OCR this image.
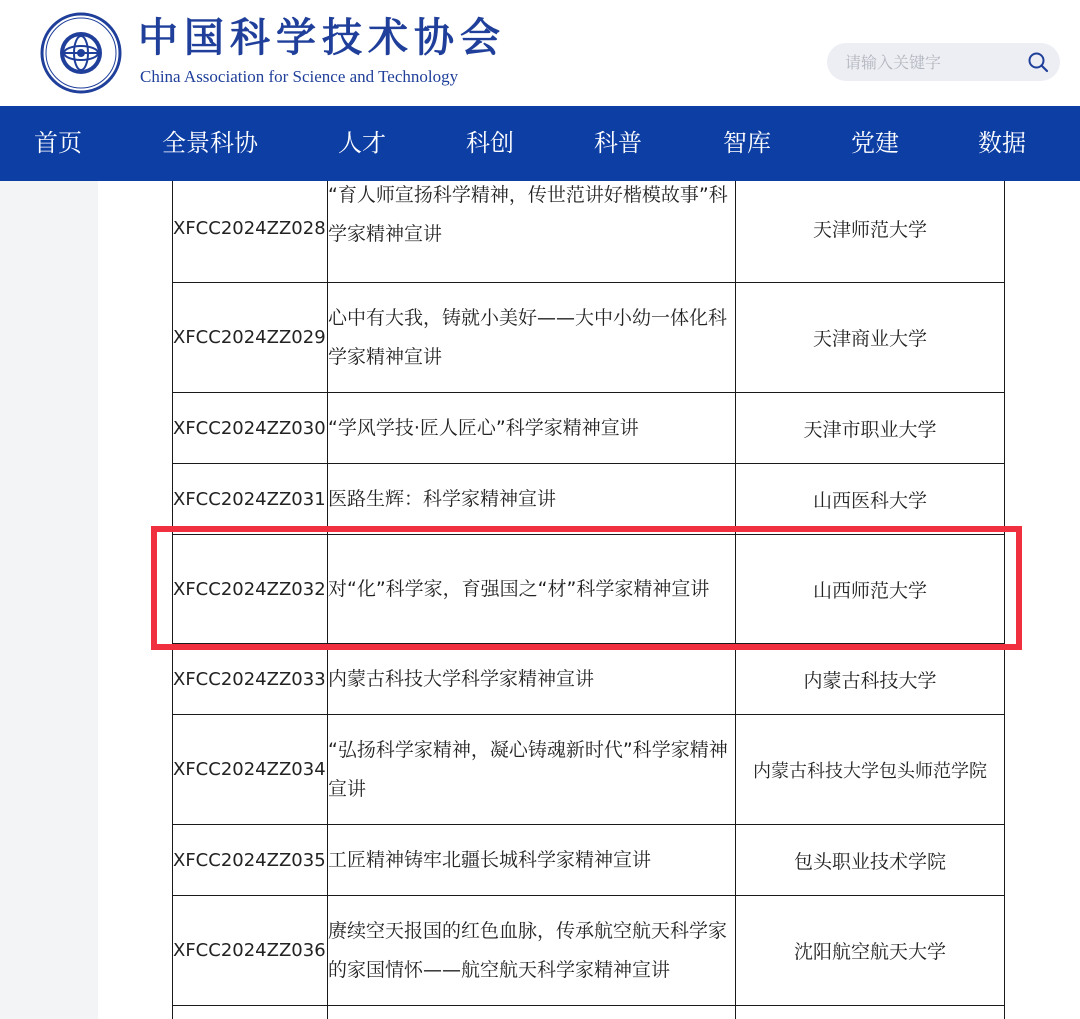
中国科学技术协会
China Association for Science and Technology
请输入关键字
首页	全景科协	人才	科创	科普	智库	党建	数据
XFCC2024ZZ028	“育人师宣扬科学精神，传世范讲好楷模故事”科学家精神宣讲	天津师范大学
XFCC2024ZZ029	心中有大我，铸就小美好——大中小幼一体化科学家精神宣讲	天津商业大学
XFCC2024ZZ030	“学风学技·匠人匠心”科学家精神宣讲	天津市职业大学
XFCC2024ZZ031	医路生辉：科学家精神宣讲	山西医科大学
XFCC2024ZZ032	对“化”科学家，育强国之“材”科学家精神宣讲	山西师范大学
XFCC2024ZZ033	内蒙古科技大学科学家精神宣讲	内蒙古科技大学
XFCC2024ZZ034	“弘扬科学家精神，凝心铸魂新时代”科学家精神宣讲	内蒙古科技大学包头师范学院
XFCC2024ZZ035	工匠精神铸牢北疆长城科学家精神宣讲	包头职业技术学院
XFCC2024ZZ036	赓续空天报国的红色血脉，传承航空航天科学家的家国情怀——航空航天科学家精神宣讲	沈阳航空航天大学
